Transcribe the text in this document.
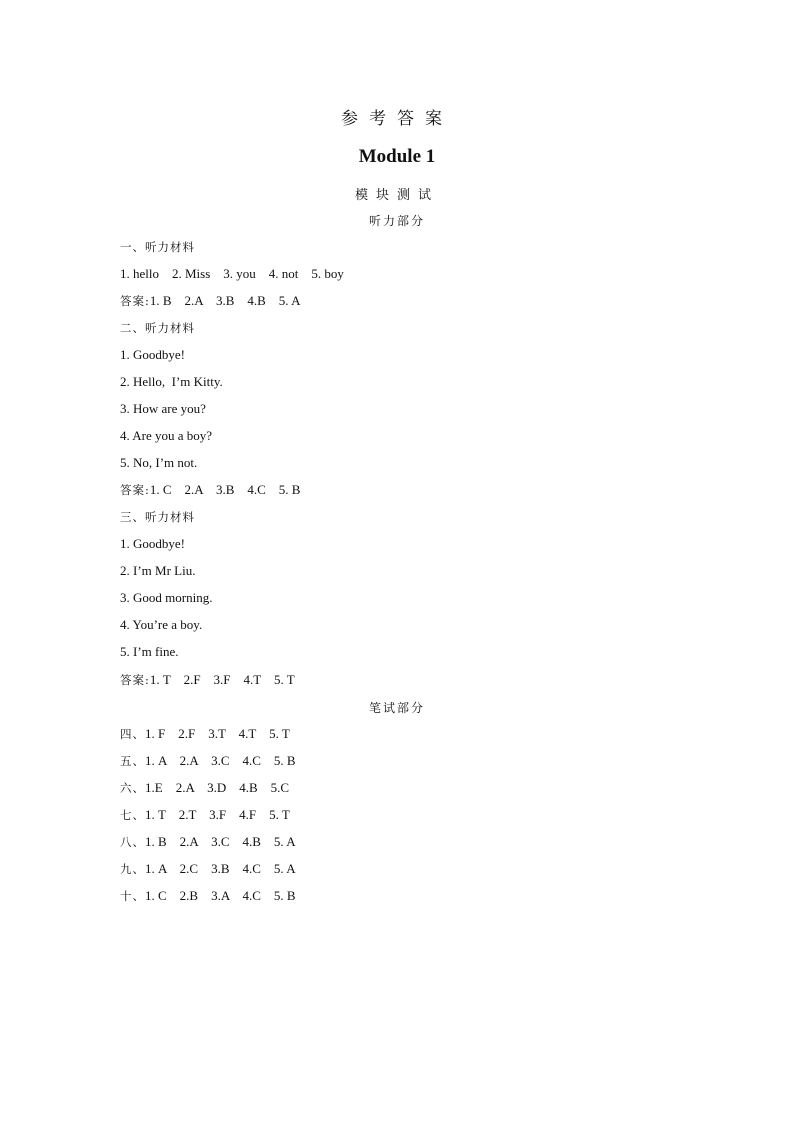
参考答案
Module 1
模块测试
听力部分
一、听力材料
1. hello    2. Miss    3. you    4. not    5. boy
答案:1. B    2.A    3.B    4.B    5. A
二、听力材料
1. Goodbye!
2. Hello,  I’m Kitty.
3. How are you?
4. Are you a boy?
5. No, I’m not.
答案:1. C    2.A    3.B    4.C    5. B
三、听力材料
1. Goodbye!
2. I’m Mr Liu.
3. Good morning.
4. You’re a boy.
5. I’m fine.
答案:1. T    2.F    3.F    4.T    5. T
四、1. F    2.F    3.T    4.T    5. T
五、1. A    2.A    3.C    4.C    5. B
六、1.E    2.A    3.D    4.B    5.C
七、1. T    2.T    3.F    4.F    5. T
八、1. B    2.A    3.C    4.B    5. A
九、1. A    2.C    3.B    4.C    5. A
十、1. C    2.B    3.A    4.C    5. B
笔试部分
